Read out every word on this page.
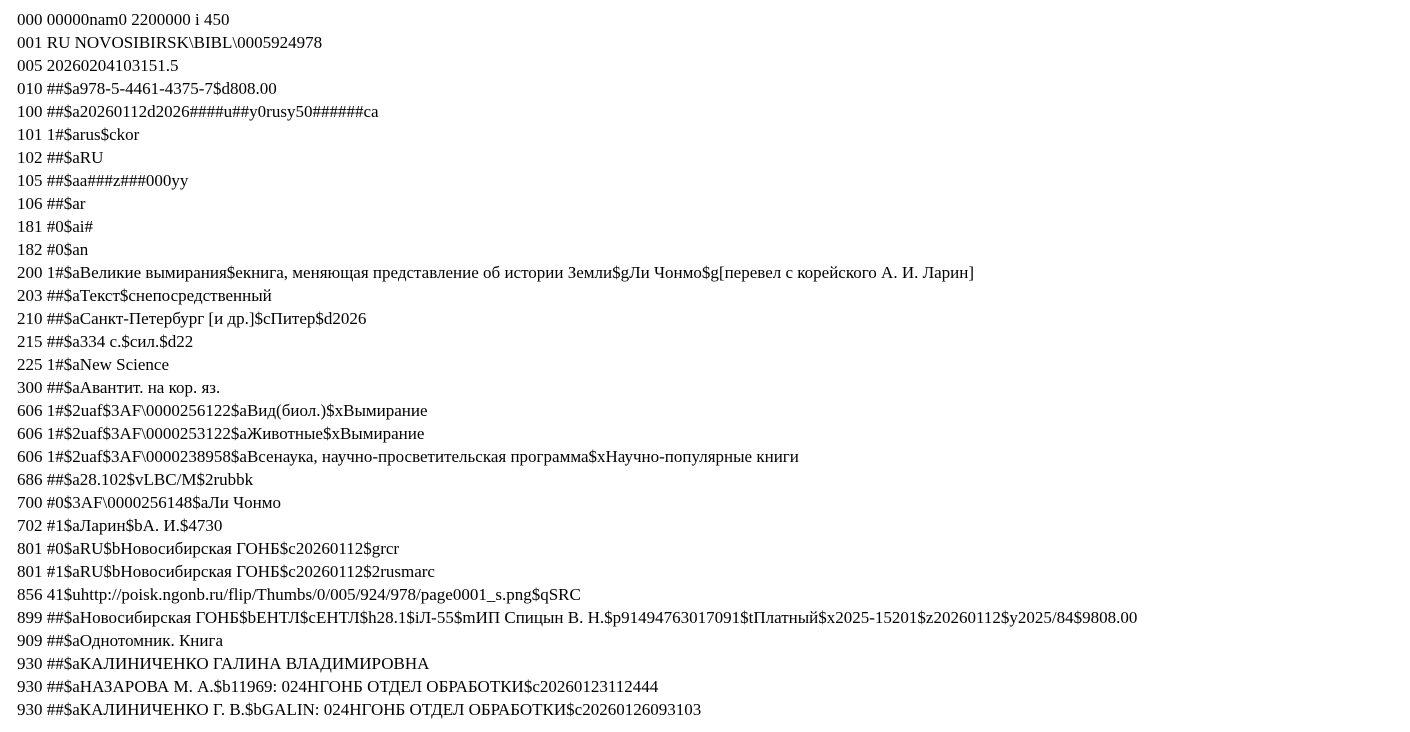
000 00000nam0 2200000 i 450
001 RU NOVOSIBIRSK\BIBL\0005924978
005 20260204103151.5
010 ##$a978-5-4461-4375-7$d808.00
100 ##$a20260112d2026####u##y0rusy50######ca
101 1#$arus$ckor
102 ##$aRU
105 ##$aa###z###000yy
106 ##$ar
181 #0$ai#
182 #0$an
200 1#$aВеликие вымирания$екнига, меняющая представление об истории Земли$gЛи Чонмо$g[перевел с корейского А. И. Ларин]
203 ##$aТекст$cнепосредственный
210 ##$aСанкт-Петербург [и др.]$cПитер$d2026
215 ##$a334 с.$cил.$d22
225 1#$aNew Science
300 ##$aАвантит. на кор. яз.
606 1#$2uaf$3AF\0000256122$aВид(биол.)$xВымирание
606 1#$2uaf$3AF\0000253122$aЖивотные$xВымирание
606 1#$2uaf$3AF\0000238958$aВсенаука, научно-просветительская программа$xНаучно-популярные книги
686 ##$a28.102$vLBC/M$2rubbk
700 #0$3AF\0000256148$aЛи Чонмо
702 #1$aЛарин$bА. И.$4730
801 #0$aRU$bНовосибирская ГОНБ$c20260112$grcr
801 #1$aRU$bНовосибирская ГОНБ$c20260112$2rusmarc
856 41$uhttp://poisk.ngonb.ru/flip/Thumbs/0/005/924/978/page0001_s.png$qSRC
899 ##$aНовосибирская ГОНБ$bЕНТЛ$cЕНТЛ$h28.1$iЛ-55$mИП Спицын В. Н.$p91494763017091$tПлатный$x2025-15201$z20260112$y2025/84$9808.00
909 ##$aОднотомник. Книга
930 ##$aКАЛИНИЧЕНКО ГАЛИНА ВЛАДИМИРОВНА
930 ##$aНАЗАРОВА М. А.$b11969: 024НГОНБ ОТДЕЛ ОБРАБОТКИ$c20260123112444
930 ##$aКАЛИНИЧЕНКО Г. В.$bGALIN: 024НГОНБ ОТДЕЛ ОБРАБОТКИ$c20260126093103
